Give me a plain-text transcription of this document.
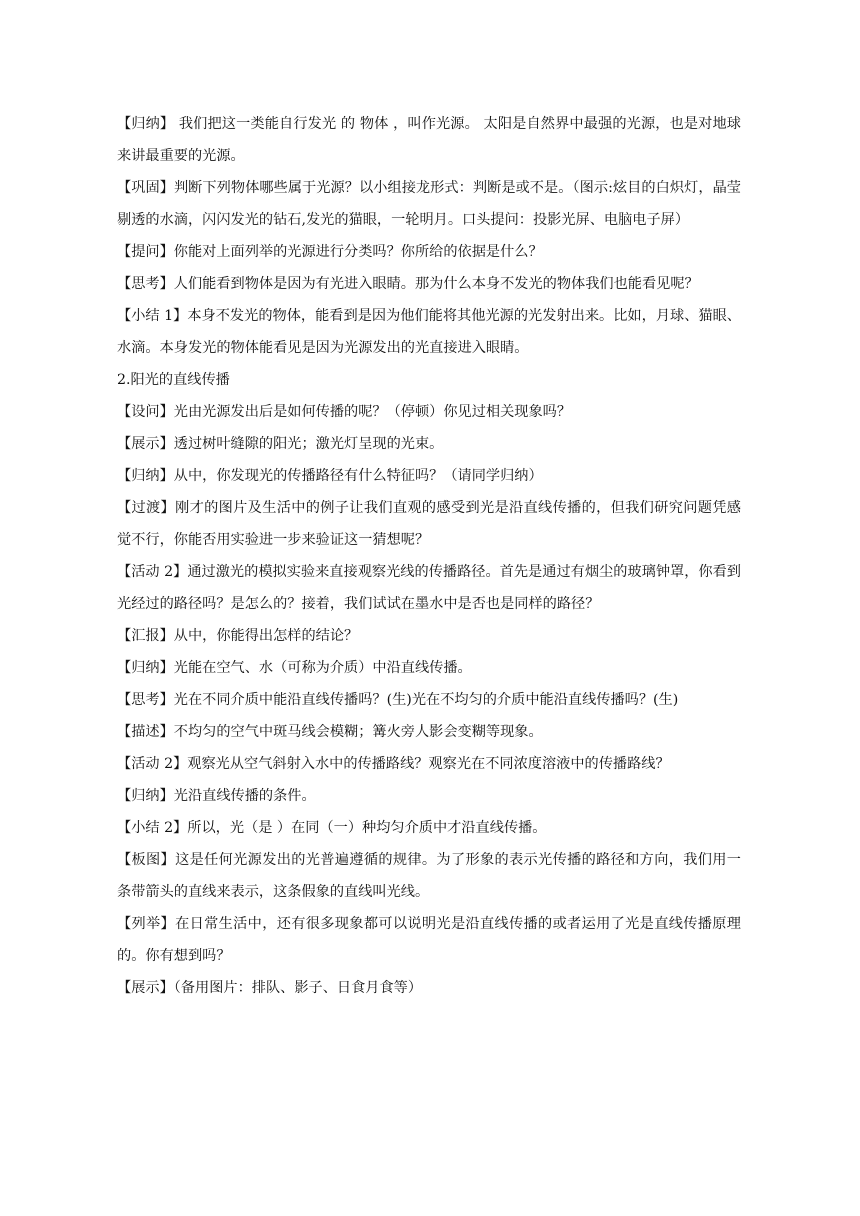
【归纳】 我们把这一类能自行发光 的 物体 ，叫作光源。 太阳是自然界中最强的光源，也是对地球来讲最重要的光源。

【巩固】判断下列物体哪些属于光源？以小组接龙形式：判断是或不是。（图示:炫目的白炽灯，晶莹剔透的水滴，闪闪发光的钻石,发光的猫眼，一轮明月。口头提问：投影光屏、电脑电子屏）

【提问】你能对上面列举的光源进行分类吗？你所给的依据是什么？

【思考】人们能看到物体是因为有光进入眼睛。那为什么本身不发光的物体我们也能看见呢？

【小结 1】本身不发光的物体，能看到是因为他们能将其他光源的光发射出来。比如，月球、猫眼、水滴。本身发光的物体能看见是因为光源发出的光直接进入眼睛。

2.阳光的直线传播

【设问】光由光源发出后是如何传播的呢？（停顿）你见过相关现象吗？

【展示】透过树叶缝隙的阳光；激光灯呈现的光束。

【归纳】从中，你发现光的传播路径有什么特征吗？（请同学归纳）

【过渡】刚才的图片及生活中的例子让我们直观的感受到光是沿直线传播的，但我们研究问题凭感觉不行，你能否用实验进一步来验证这一猜想呢？

【活动 2】通过激光的模拟实验来直接观察光线的传播路径。首先是通过有烟尘的玻璃钟罩，你看到光经过的路径吗？是怎么的？接着，我们试试在墨水中是否也是同样的路径？

【汇报】从中，你能得出怎样的结论？

【归纳】光能在空气、水（可称为介质）中沿直线传播。

【思考】光在不同介质中能沿直线传播吗？(生)光在不均匀的介质中能沿直线传播吗？(生)

【描述】不均匀的空气中斑马线会模糊；篝火旁人影会变糊等现象。

【活动 2】观察光从空气斜射入水中的传播路线？观察光在不同浓度溶液中的传播路线？

【归纳】光沿直线传播的条件。

【小结 2】所以，光（是 ）在同（一）种均匀介质中才沿直线传播。

【板图】这是任何光源发出的光普遍遵循的规律。为了形象的表示光传播的路径和方向，我们用一条带箭头的直线来表示，这条假象的直线叫光线。

【列举】在日常生活中，还有很多现象都可以说明光是沿直线传播的或者运用了光是直线传播原理的。你有想到吗？

【展示】（备用图片：排队、影子、日食月食等）
